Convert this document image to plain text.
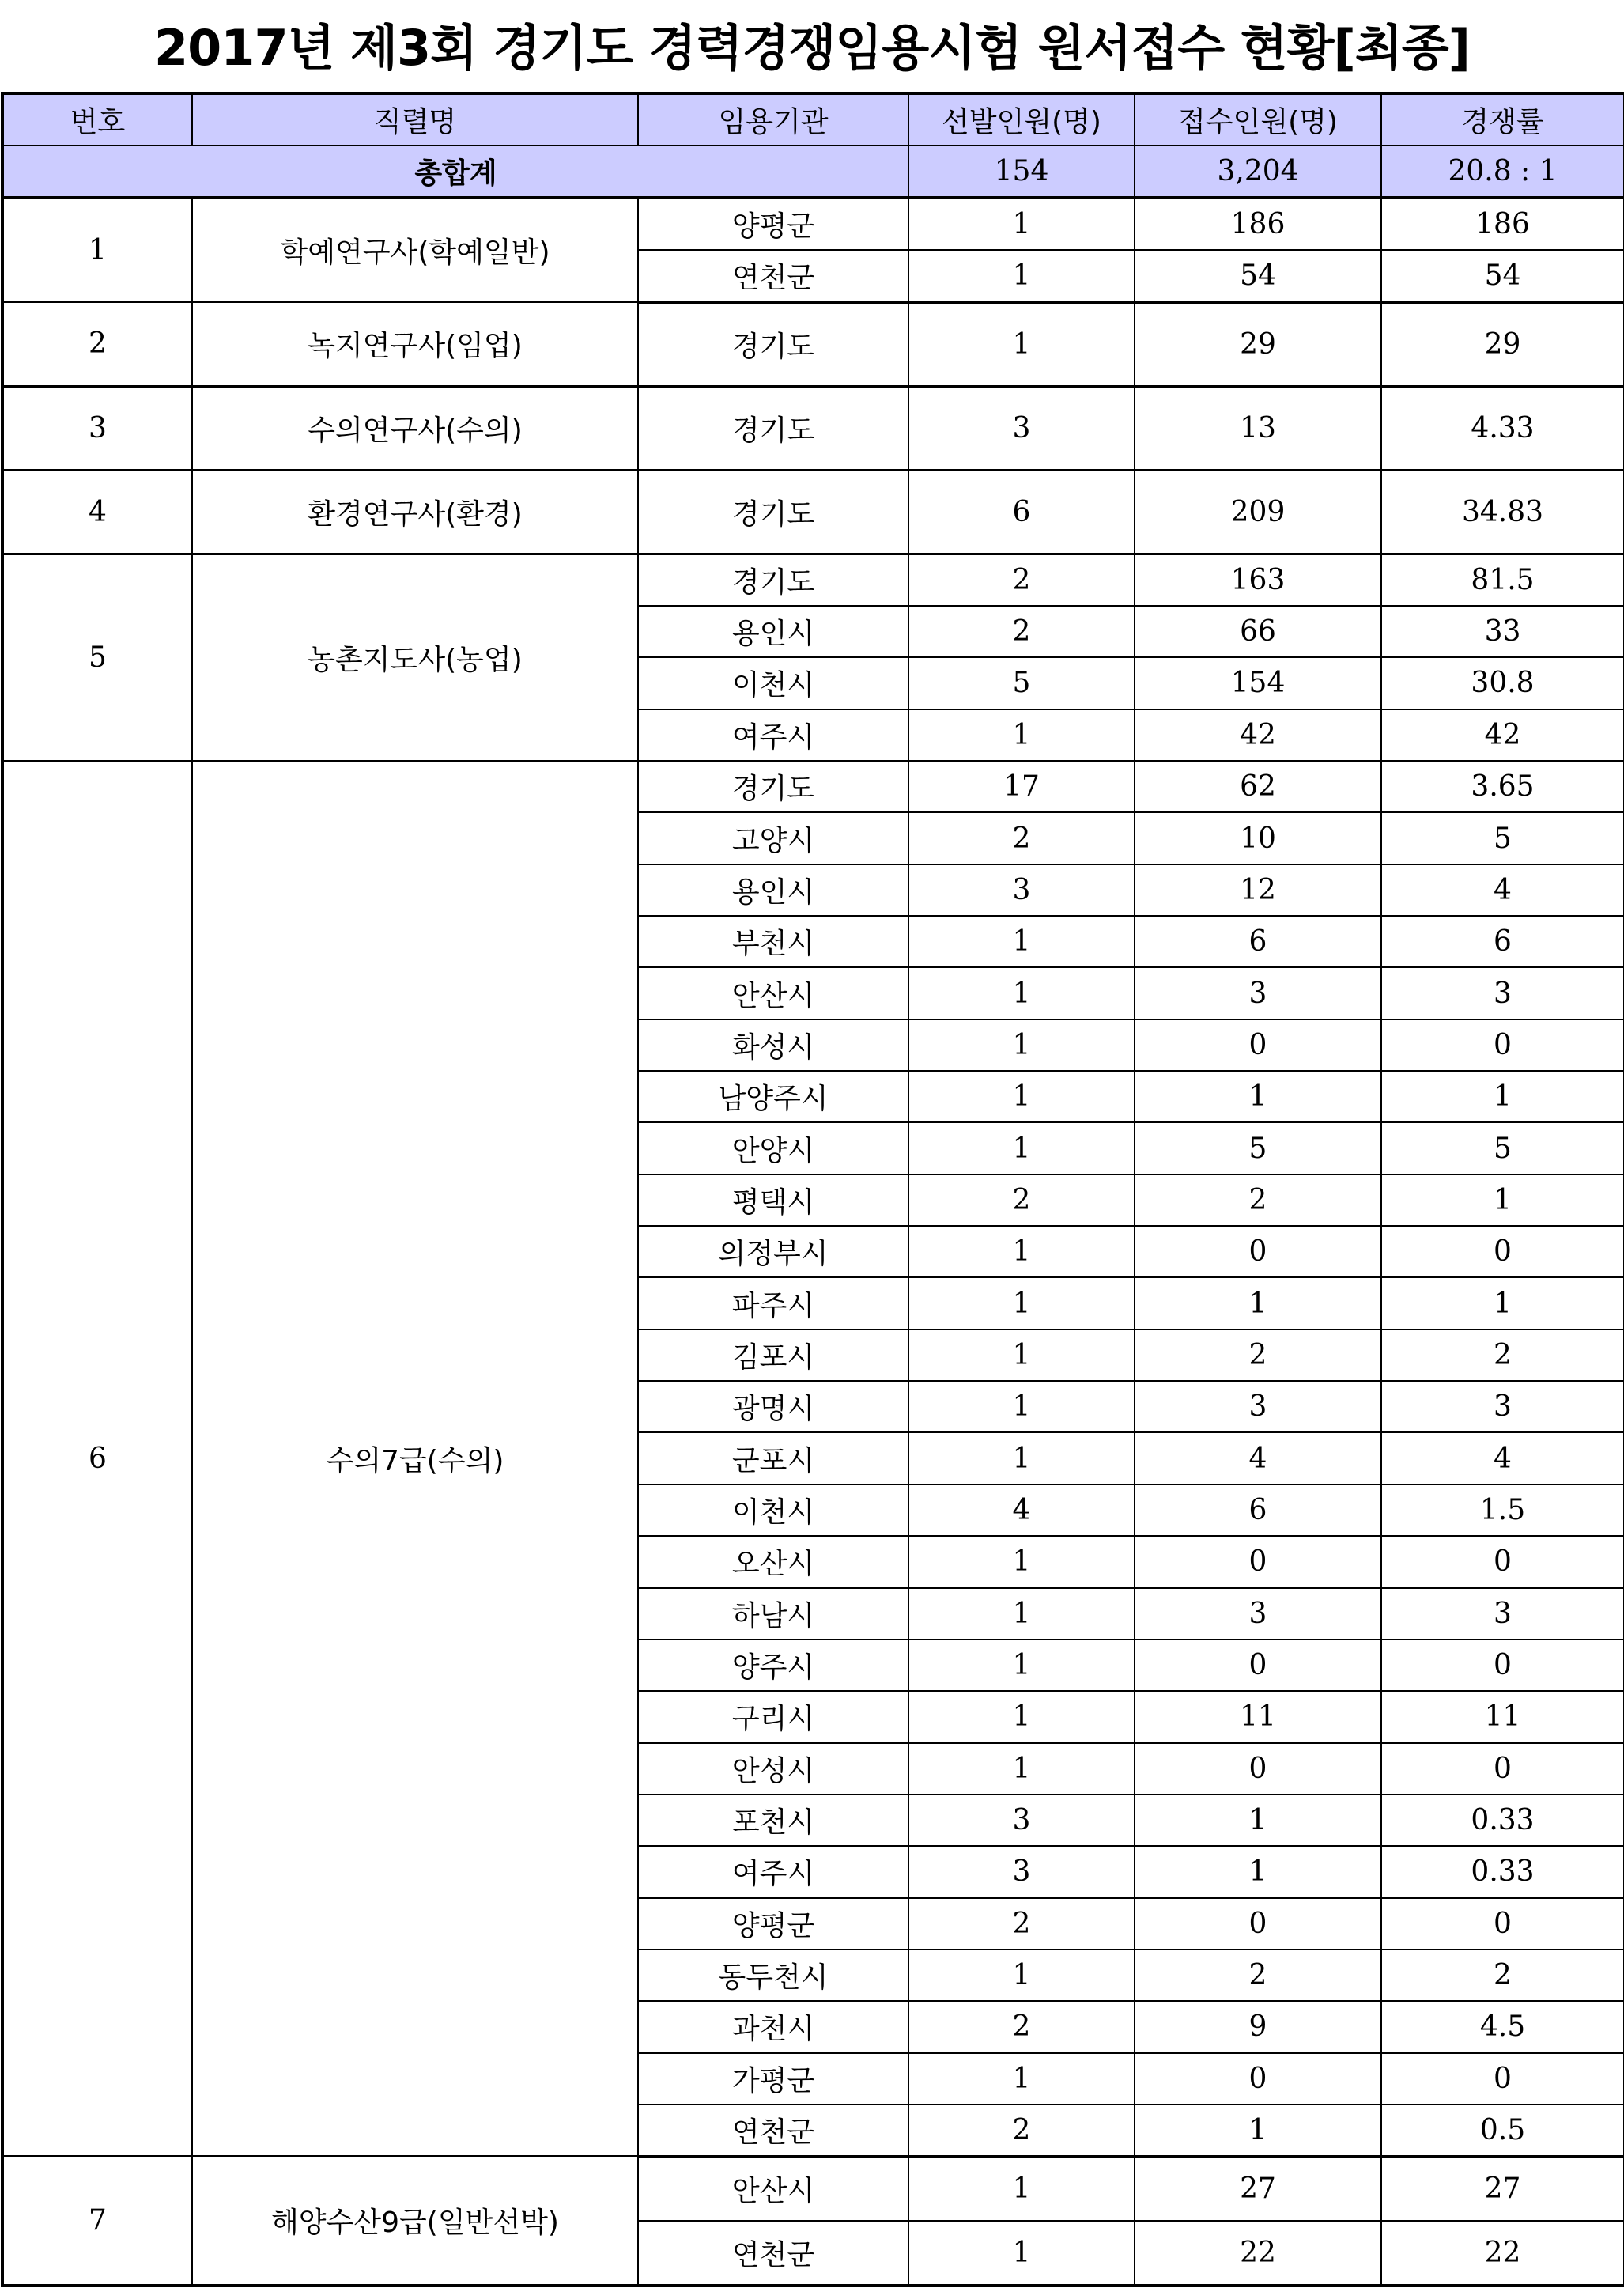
2017년 제3회 경기도 경력경쟁임용시험 원서접수 현황[최종]
번호	직렬명	임용기관	선발인원(명)	접수인원(명)	경쟁률
총합계			154	3,204	20.8 : 1
1	학예연구사(학예일반)	양평군	1	186	186
		연천군	1	54	54
2	녹지연구사(임업)	경기도	1	29	29
3	수의연구사(수의)	경기도	3	13	4.33
4	환경연구사(환경)	경기도	6	209	34.83
5	농촌지도사(농업)	경기도	2	163	81.5
		용인시	2	66	33
		이천시	5	154	30.8
		여주시	1	42	42
6	수의7급(수의)	경기도	17	62	3.65
		고양시	2	10	5
		용인시	3	12	4
		부천시	1	6	6
		안산시	1	3	3
		화성시	1	0	0
		남양주시	1	1	1
		안양시	1	5	5
		평택시	2	2	1
		의정부시	1	0	0
		파주시	1	1	1
		김포시	1	2	2
		광명시	1	3	3
		군포시	1	4	4
		이천시	4	6	1.5
		오산시	1	0	0
		하남시	1	3	3
		양주시	1	0	0
		구리시	1	11	11
		안성시	1	0	0
		포천시	3	1	0.33
		여주시	3	1	0.33
		양평군	2	0	0
		동두천시	1	2	2
		과천시	2	9	4.5
		가평군	1	0	0
		연천군	2	1	0.5
7	해양수산9급(일반선박)	안산시	1	27	27
		연천군	1	22	22
